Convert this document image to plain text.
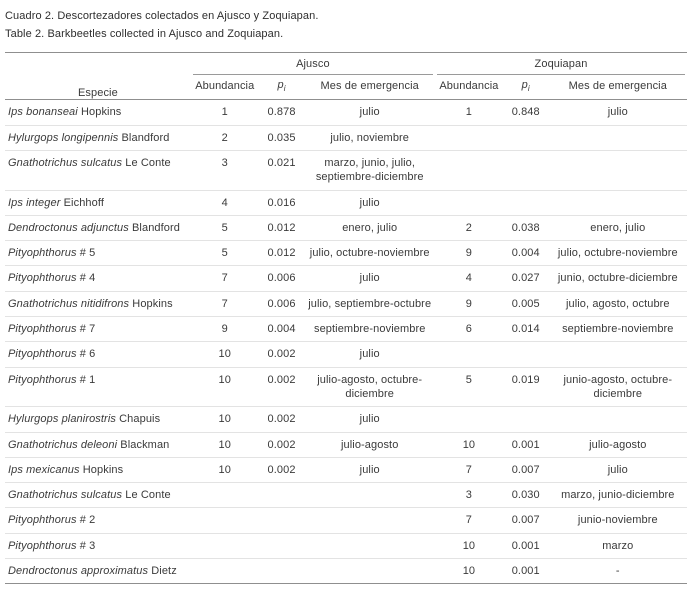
Cuadro 2. Descortezadores colectados en Ajusco y Zoquiapan.
Table 2. Barkbeetles collected in Ajusco and Zoquiapan.
Especie	Ajusco			Zoquiapan		

	Abundancia	$p_i$	Mes de emergencia	Abundancia	$p_i$	Mes de emergencia
Ips bonanseai Hopkins	1	0.878	julio	1	0.848	julio
Hylurgops longipennis Blandford	2	0.035	julio, noviembre			
Gnathotrichus sulcatus Le Conte	3	0.021	marzo, junio, julio, septiembre-diciembre			
Ips integer Eichhoff	4	0.016	julio			
Dendroctonus adjunctus Blandford	5	0.012	enero, julio	2	0.038	enero, julio
Pityophthorus # 5	5	0.012	julio, octubre-noviembre	9	0.004	julio, octubre-noviembre
Pityophthorus # 4	7	0.006	julio	4	0.027	junio, octubre-diciembre
Gnathotrichus nitidifrons Hopkins	7	0.006	julio, septiembre-octubre	9	0.005	julio, agosto, octubre
Pityophthorus # 7	9	0.004	septiembre-noviembre	6	0.014	septiembre-noviembre
Pityophthorus # 6	10	0.002	julio			
Pityophthorus # 1	10	0.002	julio-agosto, octubre-diciembre	5	0.019	junio-agosto, octubre-diciembre
Hylurgops planirostris Chapuis	10	0.002	julio			
Gnathotrichus deleoni Blackman	10	0.002	julio-agosto	10	0.001	julio-agosto
Ips mexicanus Hopkins	10	0.002	julio	7	0.007	julio
Gnathotrichus sulcatus Le Conte				3	0.030	marzo, junio-diciembre
Pityophthorus # 2				7	0.007	junio-noviembre
Pityophthorus # 3				10	0.001	marzo
Dendroctonus approximatus Dietz				10	0.001	-
